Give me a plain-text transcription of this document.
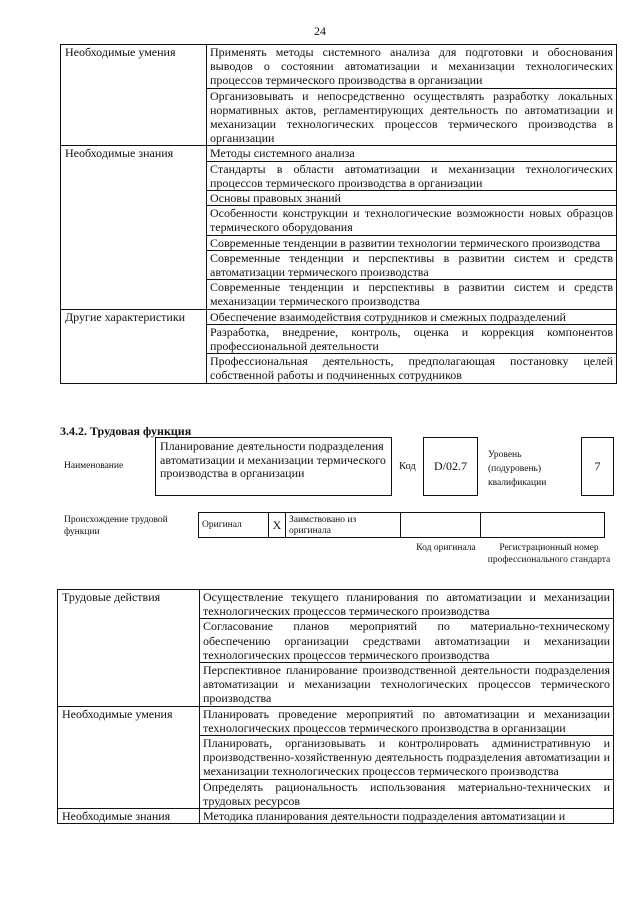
24
Необходимые умения	Применять методы системного анализа для подготовки и обоснования выводов о состоянии автоматизации и механизации технологических процессов термического производства в организации
	Организовывать и непосредственно осуществлять разработку локальных нормативных актов, регламентирующих деятельность по автоматизации и механизации технологических процессов термического производства в организации
Необходимые знания	Методы системного анализа
	Стандарты в области автоматизации и механизации технологических процессов термического производства в организации
	Основы правовых знаний
	Особенности конструкции и технологические возможности новых образцов термического оборудования
	Современные тенденции в развитии технологии термического производства
	Современные тенденции и перспективы в развитии систем и средств автоматизации термического производства
	Современные тенденции и перспективы в развитии систем и средств механизации термического производства
Другие характеристики	Обеспечение взаимодействия сотрудников и смежных подразделений
	Разработка, внедрение, контроль, оценка и коррекция компонентов профессиональной деятельности
	Профессиональная деятельность, предполагающая постановку целей собственной работы и подчиненных сотрудников
3.4.2. Трудовая функция
Наименование
Планирование деятельности подразделения автоматизации и механизации термического производства в организации	Код	D/02.7
Уровень (подуровень) квалификации
7
Происхождение трудовой функции
Оригинал	X Заимствовано из оригинала
Код оригинала	Регистрационный номер профессионального стандарта
Трудовые действия	Осуществление текущего планирования по автоматизации и механизации технологических процессов термического производства
	Согласование планов мероприятий по материально-техническому обеспечению организации средствами автоматизации и механизации технологических процессов термического производства
	Перспективное планирование производственной деятельности подразделения автоматизации и механизации технологических процессов термического производства
Необходимые умения	Планировать проведение мероприятий по автоматизации и механизации технологических процессов термического производства в организации
	Планировать, организовывать и контролировать административную и производственно-хозяйственную деятельность подразделения автоматизации и механизации технологических процессов термического производства
	Определять рациональность использования материально-технических и трудовых ресурсов
Необходимые знания	Методика планирования деятельности подразделения автоматизации и
